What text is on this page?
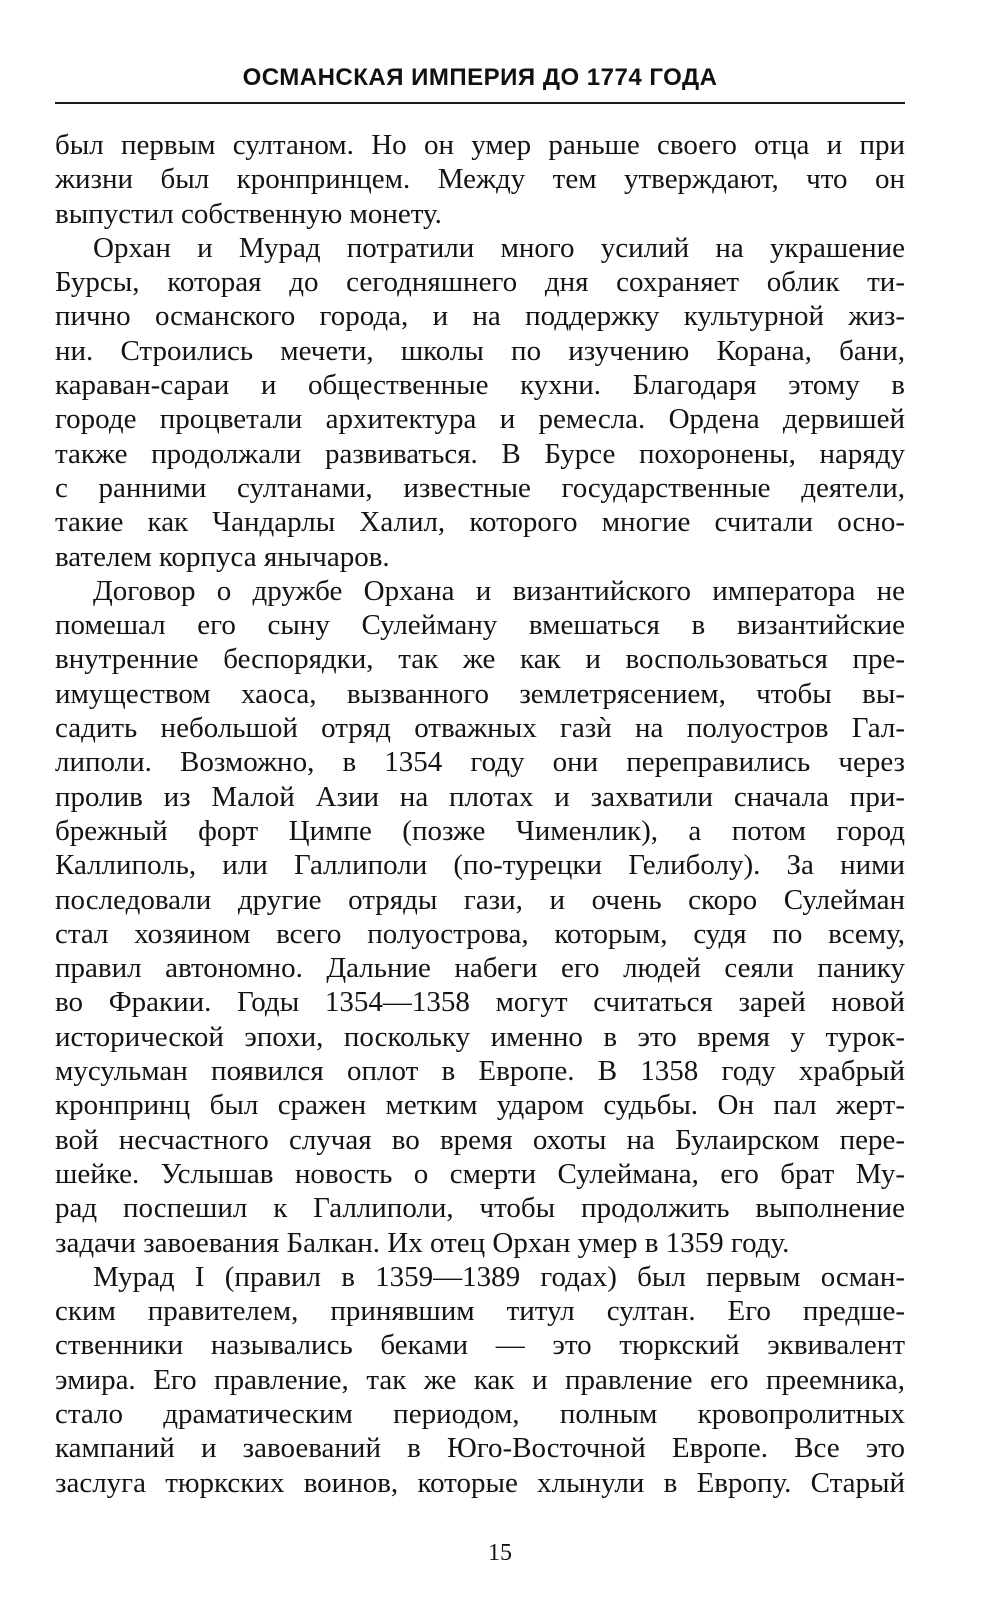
ОСМАНСКАЯ ИМПЕРИЯ ДО 1774 ГОДА

был первым султаном. Но он умер раньше своего отца и при
жизни был кронпринцем. Между тем утверждают, что он
выпустил собственную монету.

Орхан и Мурад потратили много усилий на украшение
Бурсы, которая до сегодняшнего дня сохраняет облик ти-
пично османского города, и на поддержку культурной жиз-
ни. Строились мечети, школы по изучению Корана, бани,
караван-сараи и общественные кухни. Благодаря этому в
городе процветали архитектура и ремесла. Ордена дервишей
также продолжали развиваться. В Бурсе похоронены, наряду
с ранними султанами, известные государственные деятели,
такие как Чандарлы Халил, которого многие считали осно-
вателем корпуса янычаров.

Договор о дружбе Орхана и византийского императора не
помешал его сыну Сулейману вмешаться в византийские
внутренние беспорядки, так же как и воспользоваться пре-
имуществом хаоса, вызванного землетрясением, чтобы вы-
садить небольшой отряд отважных газѝ на полуостров Гал-
липоли. Возможно, в 1354 году они переправились через
пролив из Малой Азии на плотах и захватили сначала при-
брежный форт Цимпе (позже Чименлик), а потом город
Каллиполь, или Галлиполи (по-турецки Гелиболу). За ними
последовали другие отряды гази, и очень скоро Сулейман
стал хозяином всего полуострова, которым, судя по всему,
правил автономно. Дальние набеги его людей сеяли панику
во Фракии. Годы 1354—1358 могут считаться зарей новой
исторической эпохи, поскольку именно в это время у турок-
мусульман появился оплот в Европе. В 1358 году храбрый
кронпринц был сражен метким ударом судьбы. Он пал жерт-
вой несчастного случая во время охоты на Булаирском пере-
шейке. Услышав новость о смерти Сулеймана, его брат Му-
рад поспешил к Галлиполи, чтобы продолжить выполнение
задачи завоевания Балкан. Их отец Орхан умер в 1359 году.

Мурад I (правил в 1359—1389 годах) был первым осман-
ским правителем, принявшим титул султан. Его предше-
ственники назывались беками — это тюркский эквивалент
эмира. Его правление, так же как и правление его преемника,
стало драматическим периодом, полным кровопролитных
кампаний и завоеваний в Юго-Восточной Европе. Все это
заслуга тюркских воинов, которые хлынули в Европу. Старый

15
